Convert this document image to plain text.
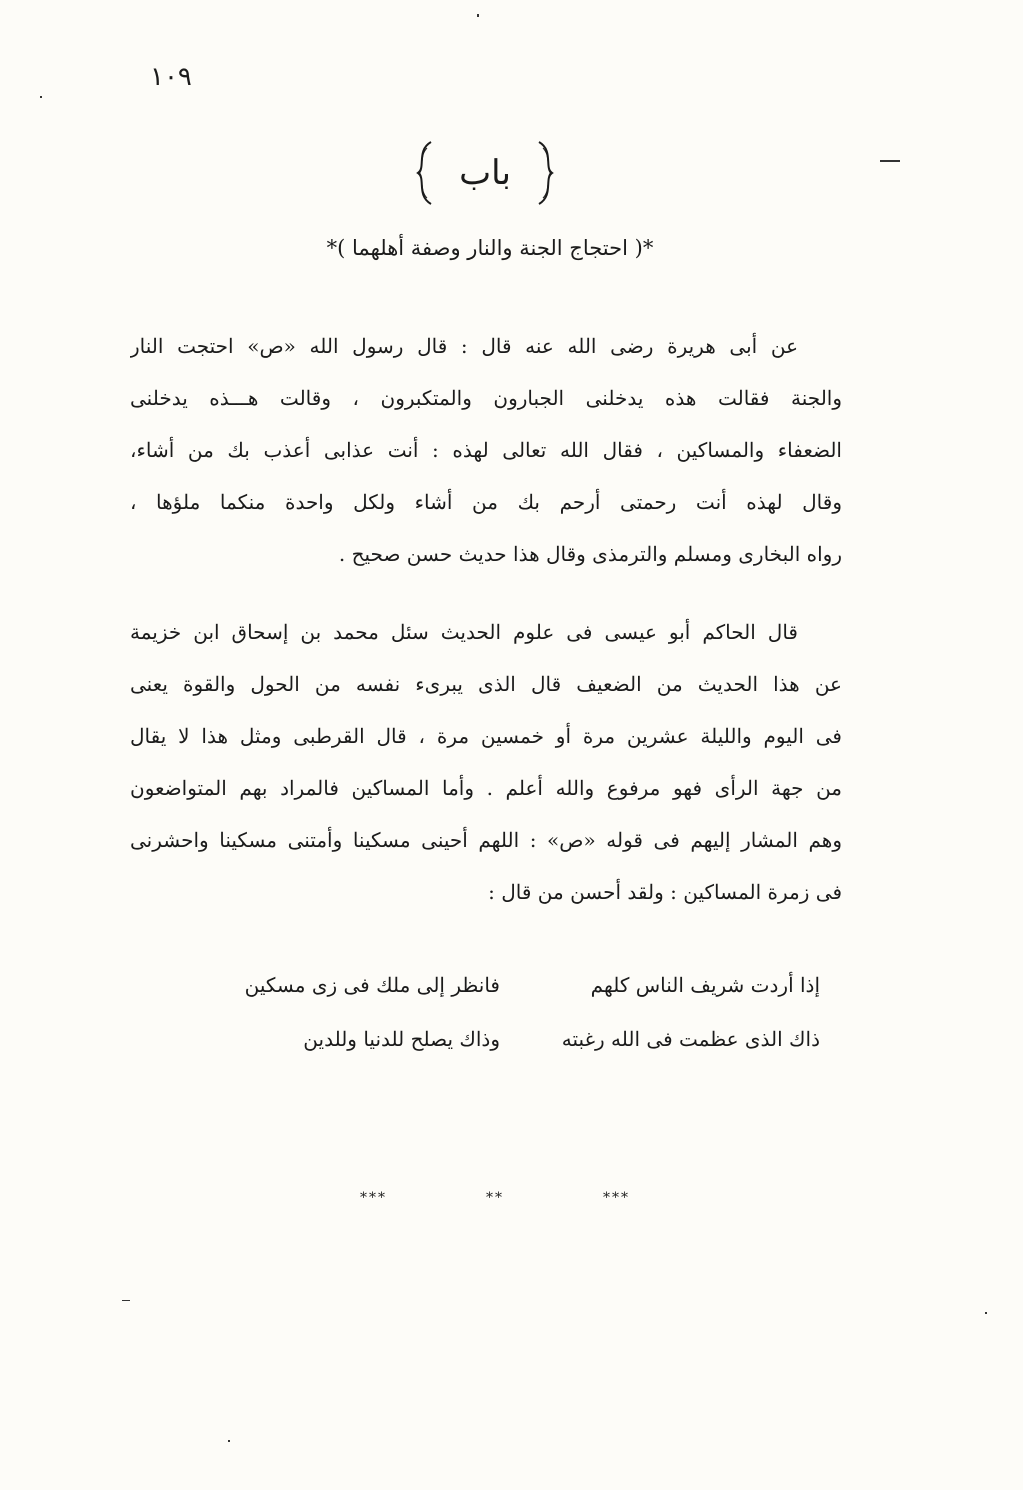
١٠٩
باب
*( احتجاج الجنة والنار وصفة أهلهما )*
عن أبى هريرة رضى الله عنه قال : قال رسول الله «ص» احتجت النار
والجنة فقالت هذه يدخلنى الجبارون والمتكبرون ، وقالت هـــذه يدخلنى
الضعفاء والمساكين ، فقال الله تعالى لهذه : أنت عذابى أعذب بك من أشاء،
وقال لهذه أنت رحمتى أرحم بك من أشاء ولكل واحدة منكما ملؤها ،
رواه البخارى ومسلم والترمذى وقال هذا حديث حسن صحيح .
قال الحاكم أبو عيسى فى علوم الحديث سئل محمد بن إسحاق ابن خزيمة
عن هذا الحديث من الضعيف قال الذى يبرىء نفسه من الحول والقوة يعنى
فى اليوم والليلة عشرين مرة أو خمسين مرة ، قال القرطبى ومثل هذا لا يقال
من جهة الرأى فهو مرفوع والله أعلم . وأما المساكين فالمراد بهم المتواضعون
وهم المشار إليهم فى قوله «ص» : اللهم أحينى مسكينا وأمتنى مسكينا واحشرنى
فى زمرة المساكين : ولقد أحسن من قال :
إذا أردت شريف الناس كلهمفانظر إلى ملك فى زى مسكين
ذاك الذى عظمت فى الله رغبتهوذاك يصلح للدنيا وللدين
***	**	***
